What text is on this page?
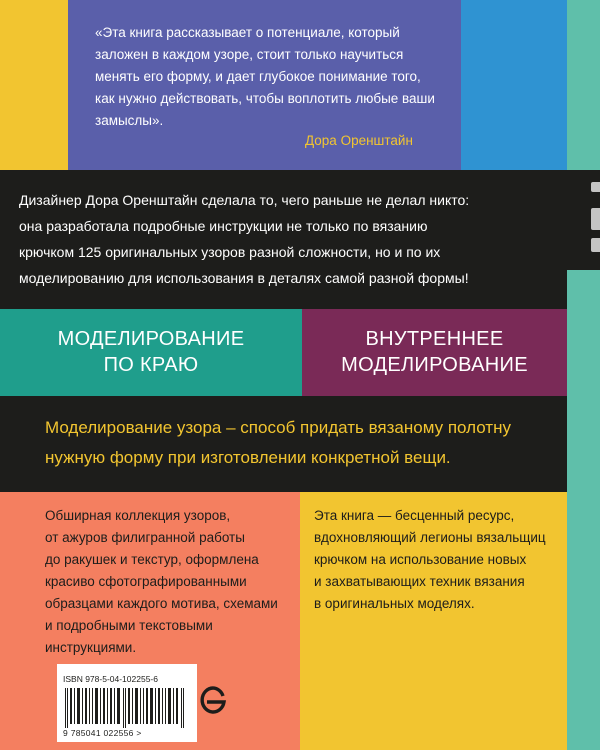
«Эта книга рассказывает о потенциале, который
заложен в каждом узоре, стоит только научиться
менять его форму, и дает глубокое понимание того,
как нужно действовать, чтобы воплотить любые ваши
замыслы».
Дора Оренштайн
Дизайнер Дора Оренштайн сделала то, чего раньше не делал никто:
она разработала подробные инструкции не только по вязанию
крючком 125 оригинальных узоров разной сложности, но и по их
моделированию для использования в деталях самой разной формы!
МОДЕЛИРОВАНИЕ
ПО КРАЮ
ВНУТРЕННЕЕ
МОДЕЛИРОВАНИЕ
Моделирование узора – способ придать вязаному полотну
нужную форму при изготовлении конкретной вещи.
Обширная коллекция узоров,
от ажуров филигранной работы
до ракушек и текстур, оформлена
красиво сфотографированными
образцами каждого мотива, схемами
и подробными текстовыми
инструкциями.
Эта книга — бесценный ресурс,
вдохновляющий легионы вязальщиц
крючком на использование новых
и захватывающих техник вязания
в оригинальных моделях.
ISBN 978-5-04-102255-6
9 785041 022556 >
